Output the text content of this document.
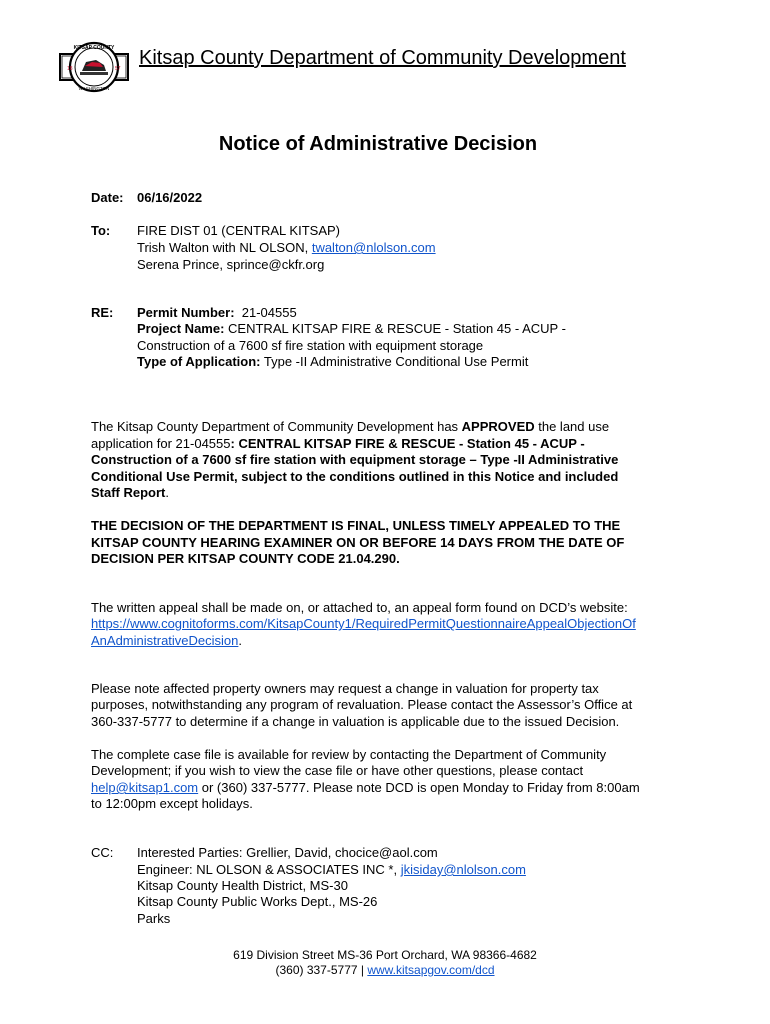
KITSAP COUNTY
WASHINGTON
18	57 Kitsap County Department of Community Development
Notice of Administrative Decision
Date: 06/16/2022
To: FIRE DIST 01 (CENTRAL KITSAP)
Trish Walton with NL OLSON, twalton@nlolson.com
Serena Prince, sprince@ckfr.org
RE: Permit Number: 21-04555
Project Name: CENTRAL KITSAP FIRE & RESCUE - Station 45 - ACUP -
Construction of a 7600 sf fire station with equipment storage
Type of Application: Type -II Administrative Conditional Use Permit
The Kitsap County Department of Community Development has APPROVED the land use
application for 21-04555: CENTRAL KITSAP FIRE & RESCUE - Station 45 - ACUP -
Construction of a 7600 sf fire station with equipment storage – Type -II Administrative
Conditional Use Permit, subject to the conditions outlined in this Notice and included
Staff Report.
THE DECISION OF THE DEPARTMENT IS FINAL, UNLESS TIMELY APPEALED TO THE
KITSAP COUNTY HEARING EXAMINER ON OR BEFORE 14 DAYS FROM THE DATE OF
DECISION PER KITSAP COUNTY CODE 21.04.290.
The written appeal shall be made on, or attached to, an appeal form found on DCD’s website:
https://www.cognitoforms.com/KitsapCounty1/RequiredPermitQuestionnaireAppealObjectionOf
AnAdministrativeDecision.
Please note affected property owners may request a change in valuation for property tax
purposes, notwithstanding any program of revaluation. Please contact the Assessor’s Office at
360-337-5777 to determine if a change in valuation is applicable due to the issued Decision.
The complete case file is available for review by contacting the Department of Community
Development; if you wish to view the case file or have other questions, please contact
help@kitsap1.com or (360) 337-5777. Please note DCD is open Monday to Friday from 8:00am
to 12:00pm except holidays.
CC: Interested Parties: Grellier, David, chocice@aol.com
Engineer: NL OLSON & ASSOCIATES INC *, jkisiday@nlolson.com
Kitsap County Health District, MS-30
Kitsap County Public Works Dept., MS-26
Parks
619 Division Street MS-36 Port Orchard, WA 98366-4682
(360) 337-5777 | www.kitsapgov.com/dcd
